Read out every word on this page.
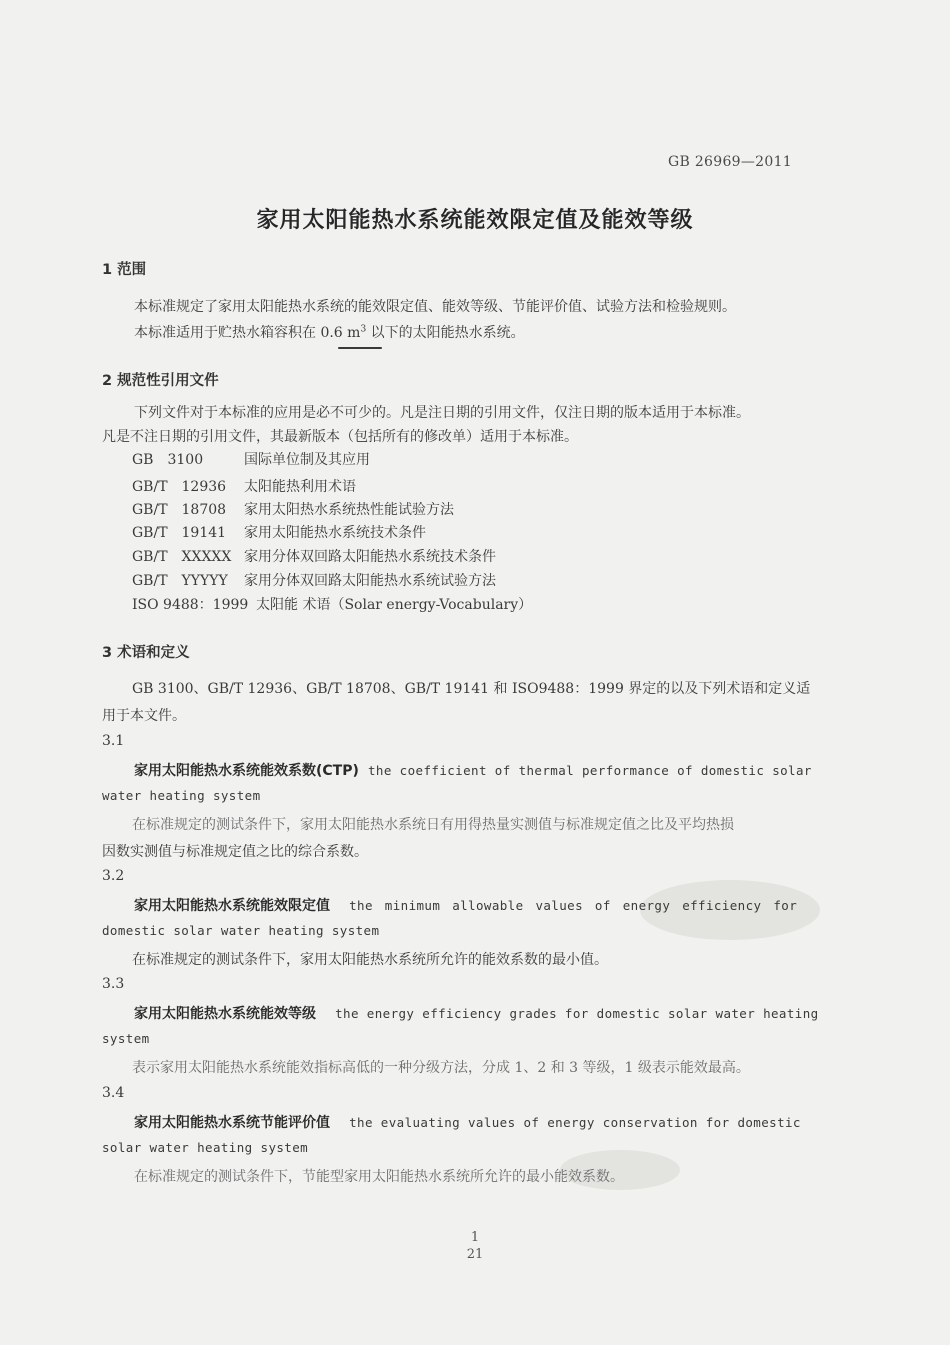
GB 26969—2011
家用太阳能热水系统能效限定值及能效等级
1 范围
本标准规定了家用太阳能热水系统的能效限定值、能效等级、节能评价值、试验方法和检验规则。
本标准适用于贮热水箱容积在 0.6 $m^3$ 以下的太阳能热水系统。
2 规范性引用文件
下列文件对于本标准的应用是必不可少的。凡是注日期的引用文件，仅注日期的版本适用于本标准。
凡是不注日期的引用文件，其最新版本（包括所有的修改单）适用于本标准。
GB　3100	国际单位制及其应用
GB/T　12936 太阳能热利用术语
GB/T　18708 家用太阳热水系统热性能试验方法
GB/T　19141 家用太阳能热水系统技术条件
GB/T　XXXXX 家用分体双回路太阳能热水系统技术条件
GB/T　YYYYY 家用分体双回路太阳能热水系统试验方法
ISO 9488：1999 太阳能 术语（Solar energy-Vocabulary）
3 术语和定义
GB 3100、GB/T 12936、GB/T 18708、GB/T 19141 和 ISO9488：1999 界定的以及下列术语和定义适
用于本文件。
3.1
家用太阳能热水系统能效系数(CTP) the coefficient of thermal performance of domestic solar
water heating system
在标准规定的测试条件下，家用太阳能热水系统日有用得热量实测值与标准规定值之比及平均热损
因数实测值与标准规定值之比的综合系数。
3.2
家用太阳能热水系统能效限定值 the minimum allowable values of energy efficiency for
domestic solar water heating system
在标准规定的测试条件下，家用太阳能热水系统所允许的能效系数的最小值。
3.3
家用太阳能热水系统能效等级 the energy efficiency grades for domestic solar water heating
system
表示家用太阳能热水系统能效指标高低的一种分级方法，分成 1、2 和 3 等级，1 级表示能效最高。
3.4
家用太阳能热水系统节能评价值 the evaluating values of energy conservation for domestic
solar water heating system
在标准规定的测试条件下，节能型家用太阳能热水系统所允许的最小能效系数。
1
21
